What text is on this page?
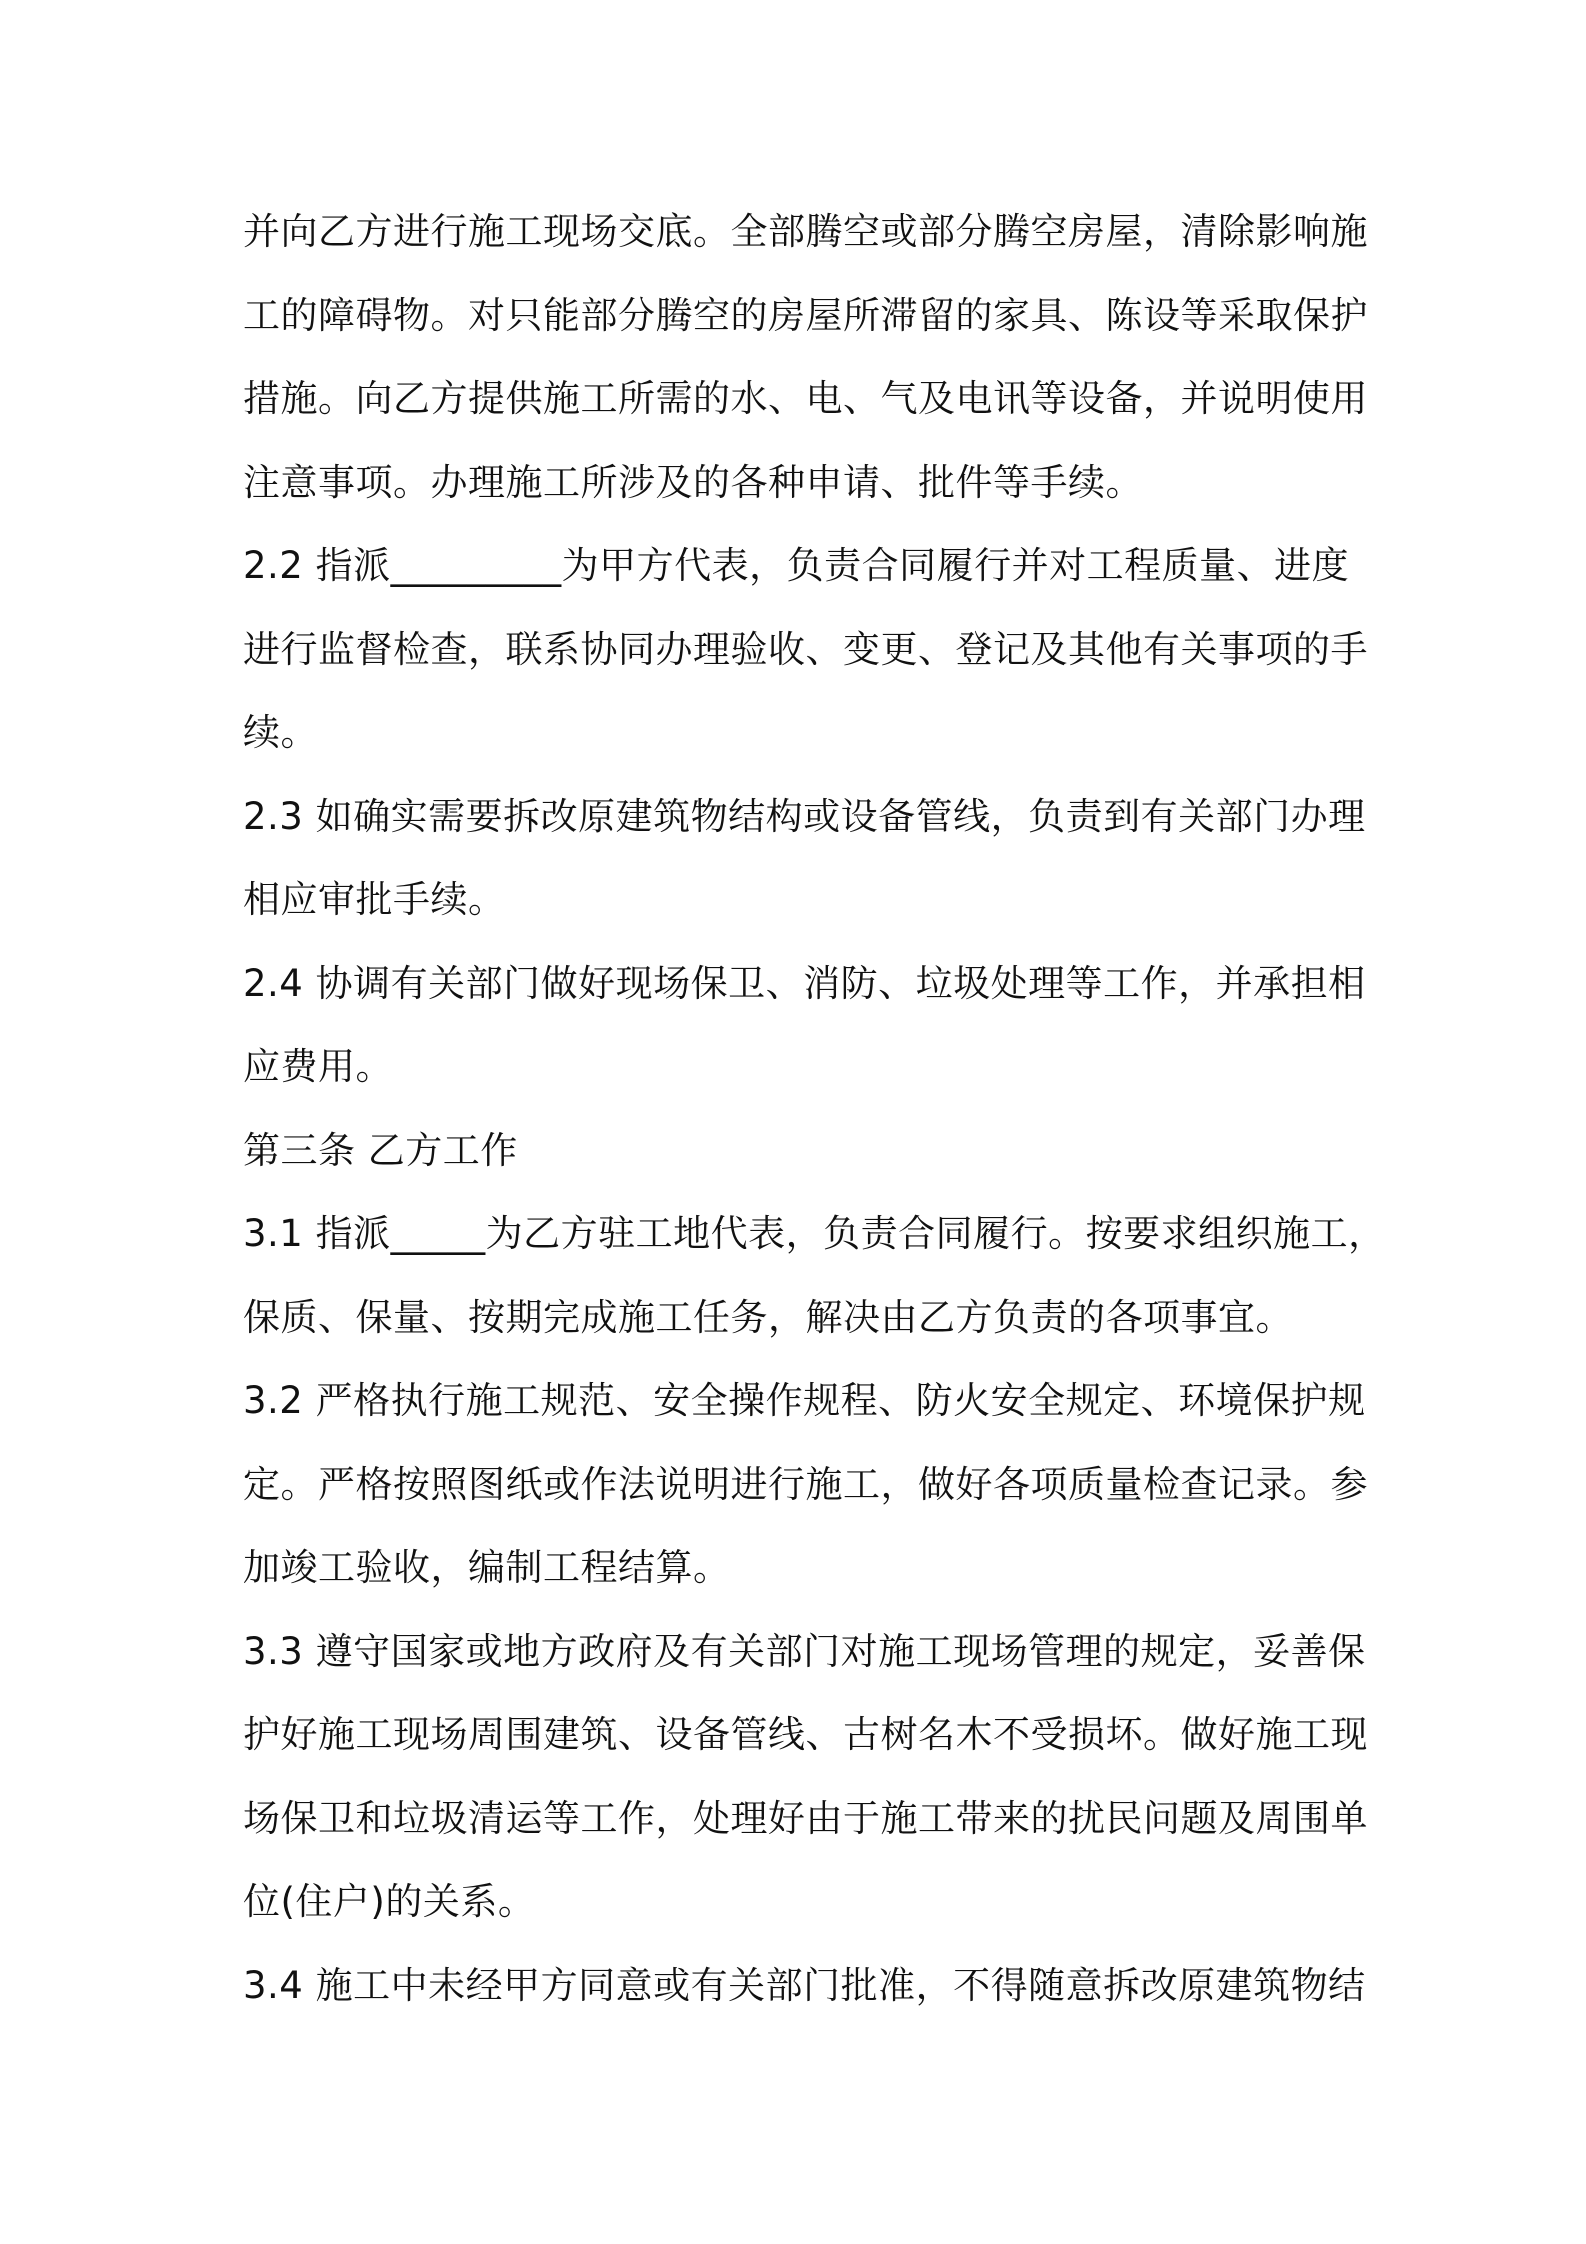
并向乙方进行施工现场交底。全部腾空或部分腾空房屋，清除影响施
工的障碍物。对只能部分腾空的房屋所滞留的家具、陈设等采取保护
措施。向乙方提供施工所需的水、电、气及电讯等设备，并说明使用
注意事项。办理施工所涉及的各种申请、批件等手续。
2.2 指派_________为甲方代表，负责合同履行并对工程质量、进度
进行监督检查，联系协同办理验收、变更、登记及其他有关事项的手
续。
2.3 如确实需要拆改原建筑物结构或设备管线，负责到有关部门办理
相应审批手续。
2.4 协调有关部门做好现场保卫、消防、垃圾处理等工作，并承担相
应费用。
第三条 乙方工作
3.1 指派_____为乙方驻工地代表，负责合同履行。按要求组织施工，
保质、保量、按期完成施工任务，解决由乙方负责的各项事宜。
3.2 严格执行施工规范、安全操作规程、防火安全规定、环境保护规
定。严格按照图纸或作法说明进行施工，做好各项质量检查记录。参
加竣工验收，编制工程结算。
3.3 遵守国家或地方政府及有关部门对施工现场管理的规定，妥善保
护好施工现场周围建筑、设备管线、古树名木不受损坏。做好施工现
场保卫和垃圾清运等工作，处理好由于施工带来的扰民问题及周围单
位(住户)的关系。
3.4 施工中未经甲方同意或有关部门批准，不得随意拆改原建筑物结
